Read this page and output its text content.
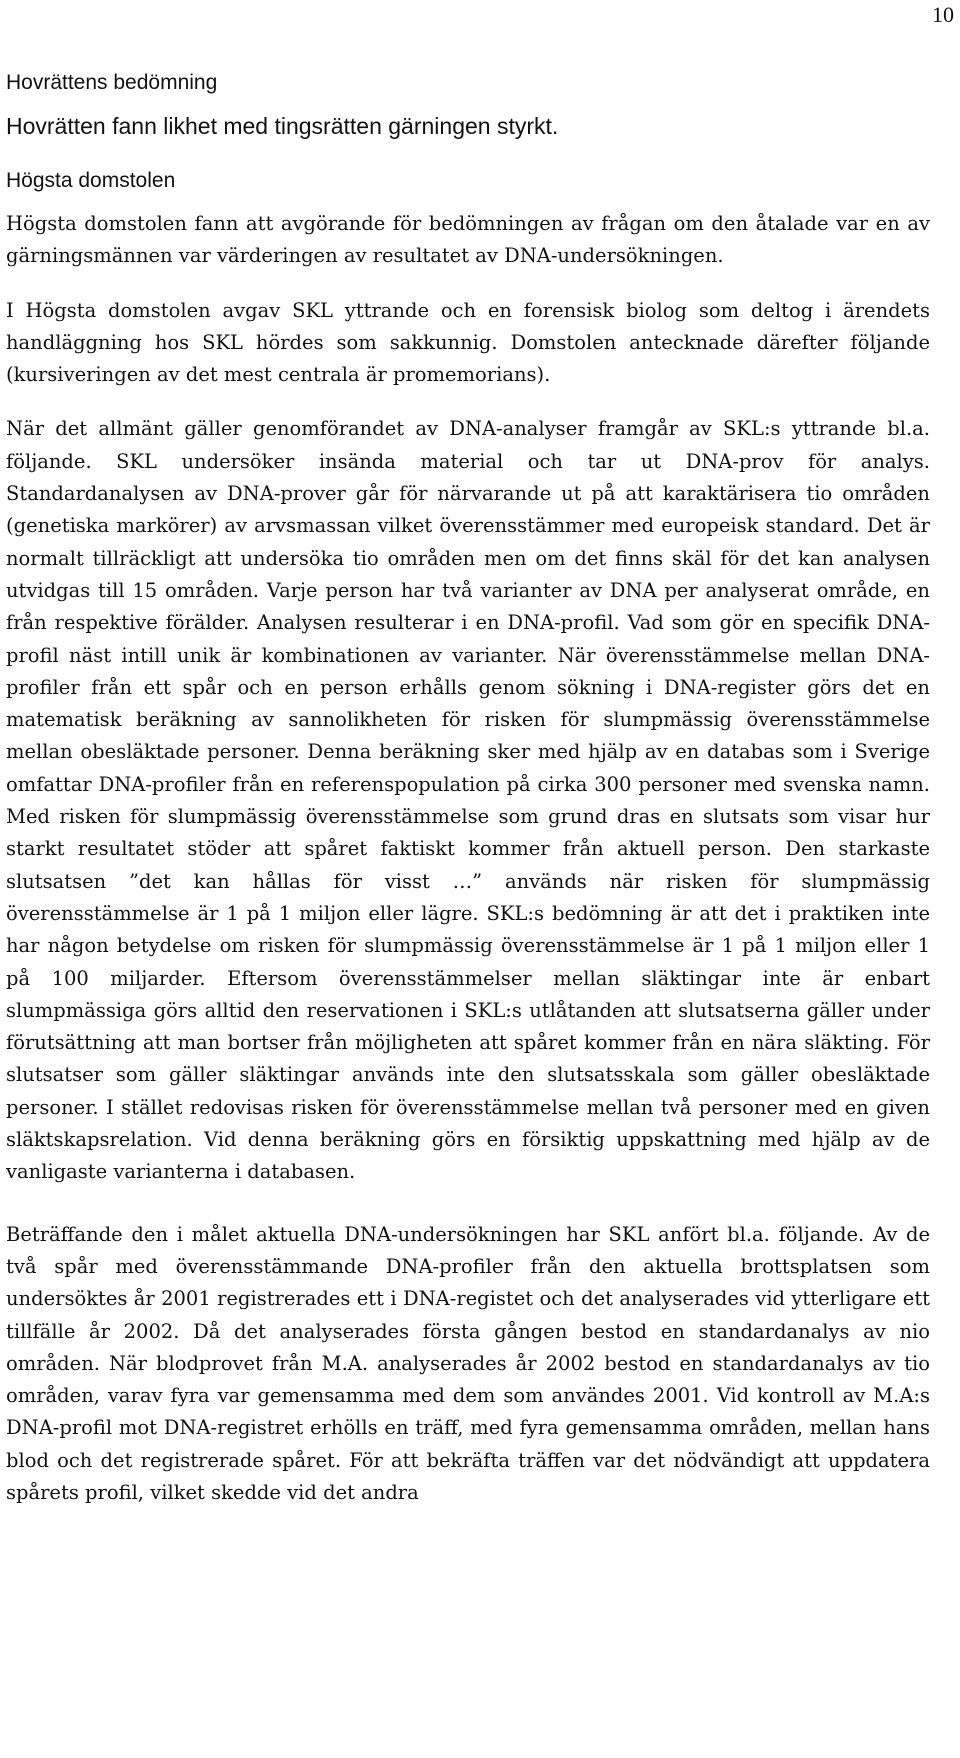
10
Hovrättens bedömning

Hovrätten fann likhet med tingsrätten gärningen styrkt.

Högsta domstolen

Högsta domstolen fann att avgörande för bedömningen av frågan om den åtalade var en av gärningsmännen var värderingen av resultatet av DNA-undersökningen.

I Högsta domstolen avgav SKL yttrande och en forensisk biolog som deltog i ärendets handläggning hos SKL hördes som sakkunnig. Domstolen antecknade därefter följande (kursiveringen av det mest centrala är promemorians).

När det allmänt gäller genomförandet av DNA-analyser framgår av SKL:s yttrande bl.a. följande. SKL undersöker insända material och tar ut DNA-prov för analys. Standardanalysen av DNA-prover går för närvarande ut på att karaktärisera tio områden (genetiska markörer) av arvsmassan vilket överensstämmer med europeisk standard. Det är normalt tillräckligt att undersöka tio områden men om det finns skäl för det kan analysen utvidgas till 15 områden. Varje person har två varianter av DNA per analyserat område, en från respektive förälder. Analysen resulterar i en DNA-profil. Vad som gör en specifik DNA-profil näst intill unik är kombinationen av varianter. När överensstämmelse mellan DNA-profiler från ett spår och en person erhålls genom sökning i DNA-register görs det en matematisk beräkning av sannolikheten för risken för slumpmässig överensstämmelse mellan obesläktade personer. Denna beräkning sker med hjälp av en databas som i Sverige omfattar DNA-profiler från en referenspopulation på cirka 300 personer med svenska namn. Med risken för slumpmässig överensstämmelse som grund dras en slutsats som visar hur starkt resultatet stöder att spåret faktiskt kommer från aktuell person. Den starkaste slutsatsen ”det kan hållas för visst …” används när risken för slumpmässig överensstämmelse är 1 på 1 miljon eller lägre. SKL:s bedömning är att det i praktiken inte har någon betydelse om risken för slumpmässig överensstämmelse är 1 på 1 miljon eller 1 på 100 miljarder. Eftersom överensstämmelser mellan släktingar inte är enbart slumpmässiga görs alltid den reservationen i SKL:s utlåtanden att slutsatserna gäller under förutsättning att man bortser från möjligheten att spåret kommer från en nära släkting. För slutsatser som gäller släktingar används inte den slutsatsskala som gäller obesläktade personer. I stället redovisas risken för överensstämmelse mellan två personer med en given släktskapsrelation. Vid denna beräkning görs en försiktig uppskattning med hjälp av de vanligaste varianterna i databasen.

Beträffande den i målet aktuella DNA-undersökningen har SKL anfört bl.a. följande. Av de två spår med överensstämmande DNA-profiler från den aktuella brottsplatsen som undersöktes år 2001 registrerades ett i DNA-registet och det analyserades vid ytterligare ett tillfälle år 2002. Då det analyserades första gången bestod en standardanalys av nio områden. När blodprovet från M.A. analyserades år 2002 bestod en standardanalys av tio områden, varav fyra var gemensamma med dem som användes 2001. Vid kontroll av M.A:s DNA-profil mot DNA-registret erhölls en träff, med fyra gemensamma områden, mellan hans blod och det registrerade spåret. För att bekräfta träffen var det nödvändigt att uppdatera spårets profil, vilket skedde vid det andra
